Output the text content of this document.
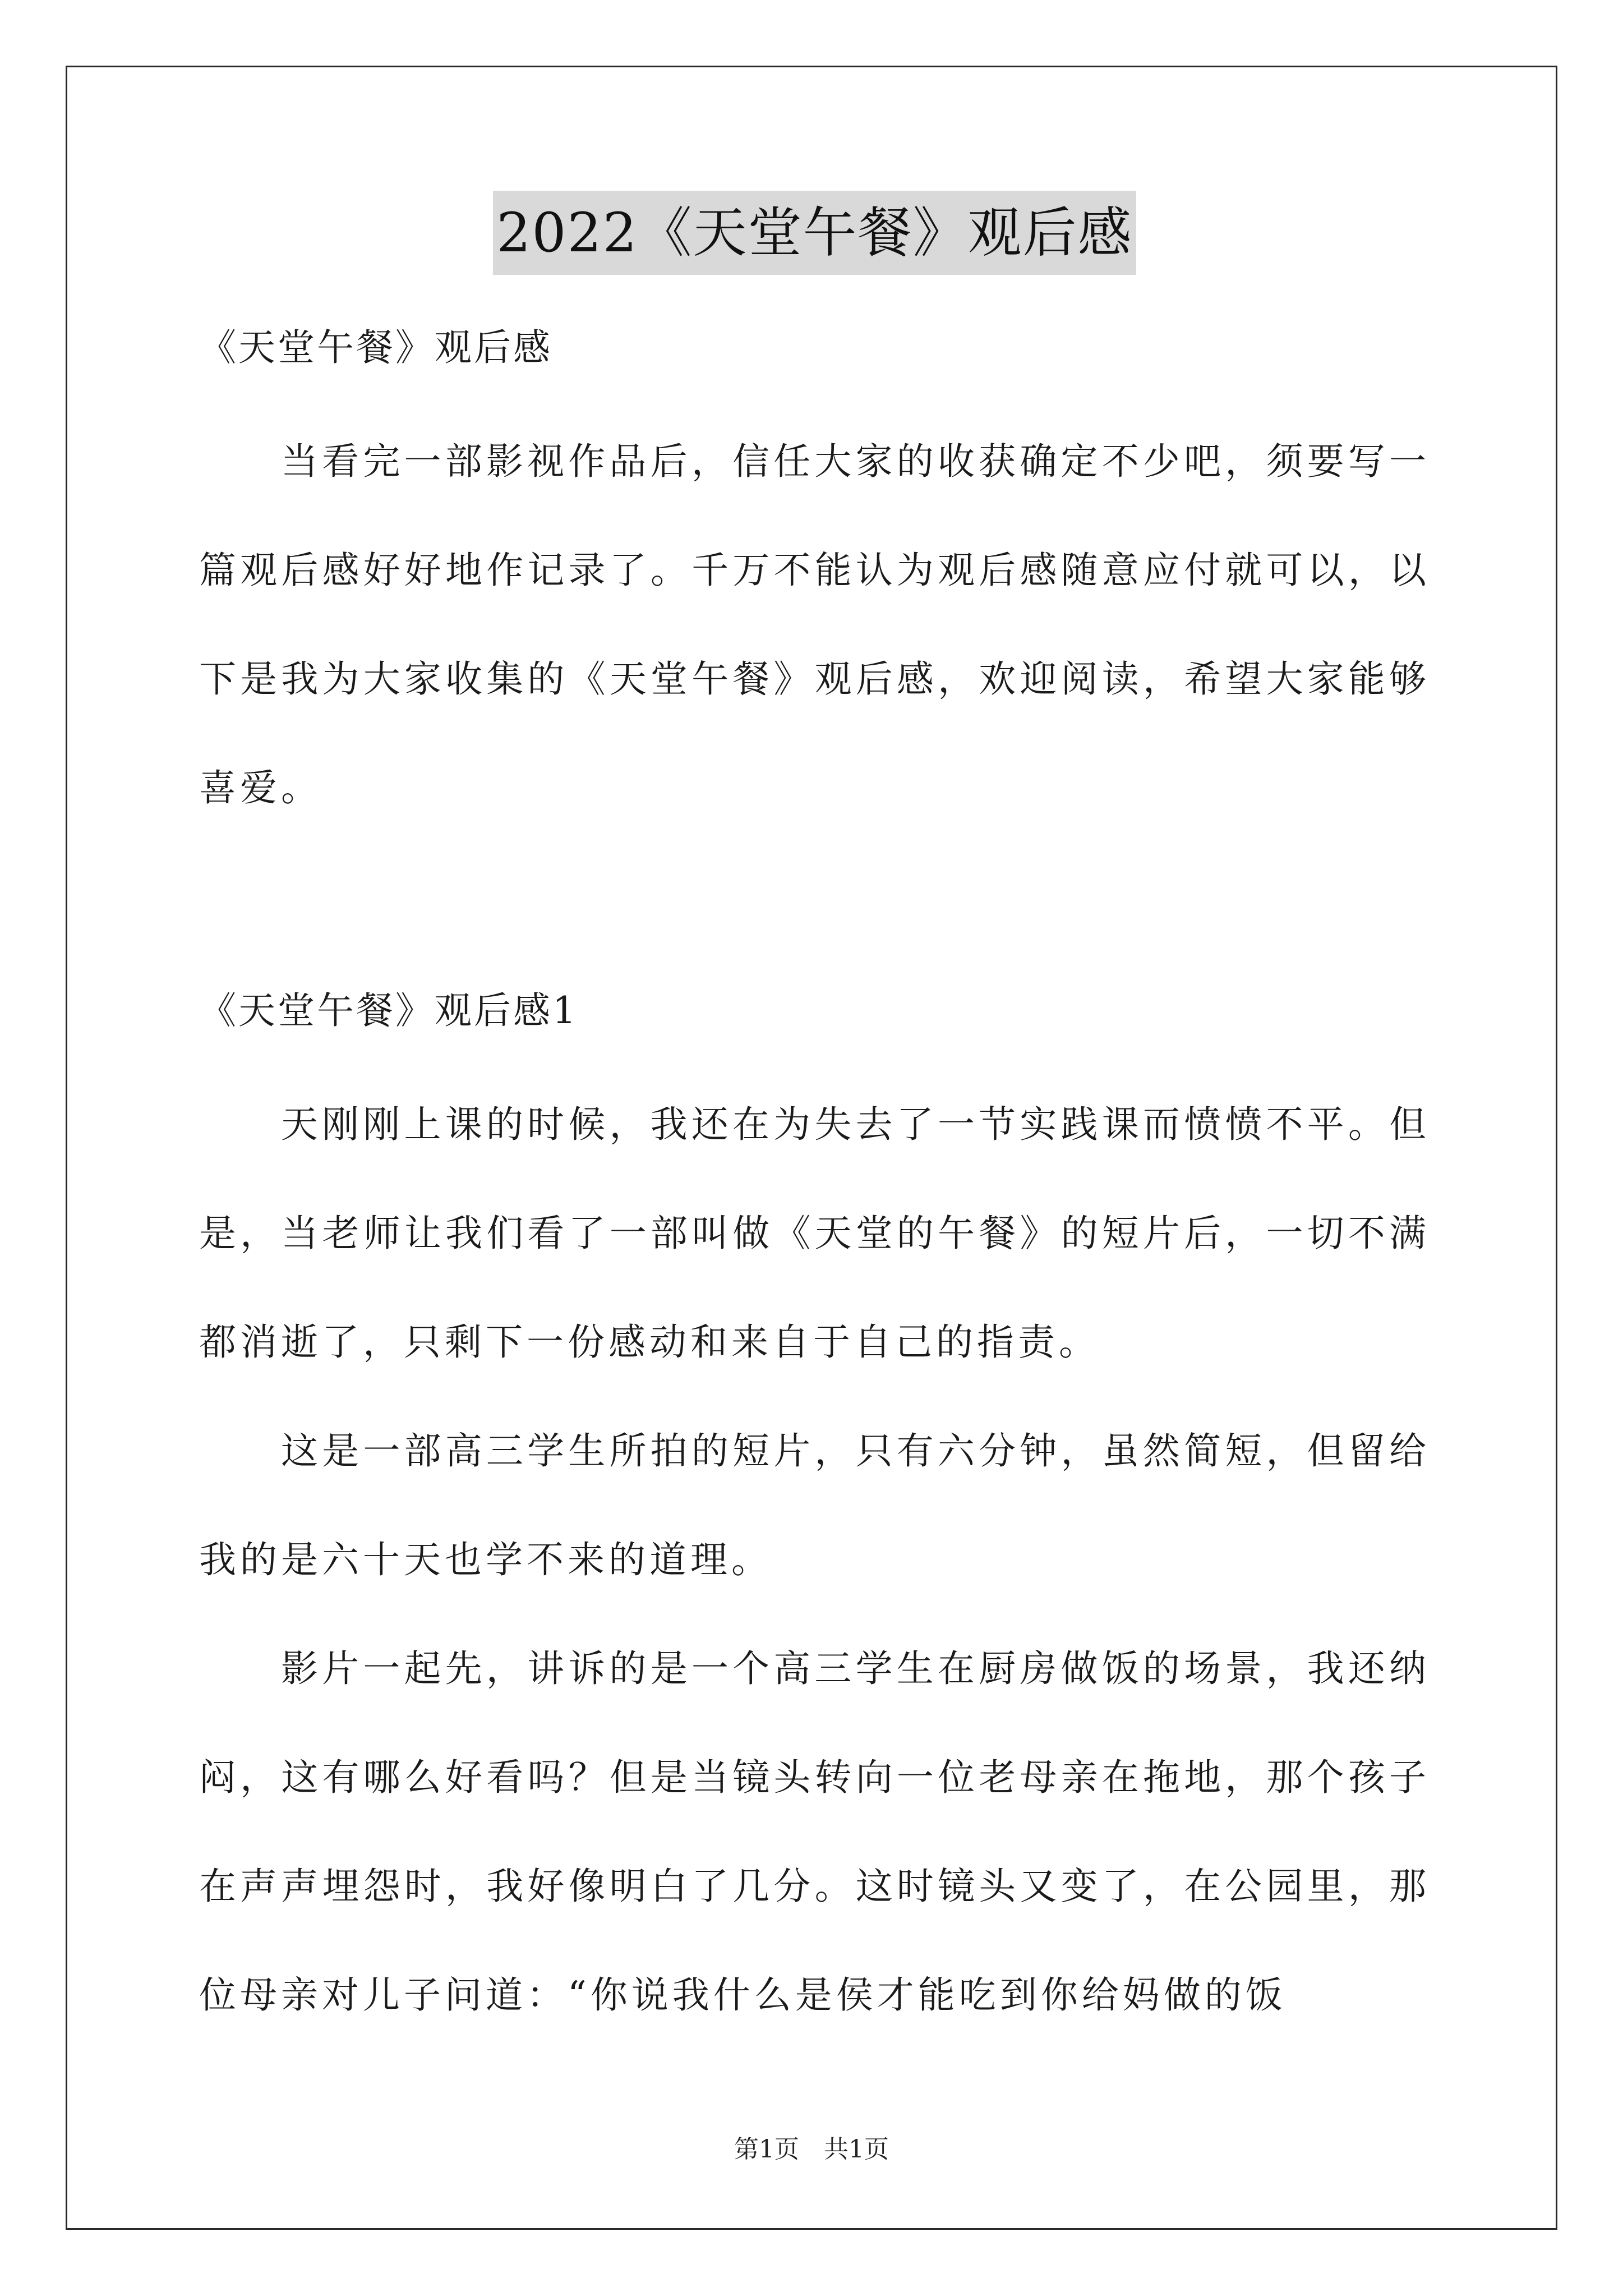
2022《天堂午餐》观后感

《天堂午餐》观后感

当看完一部影视作品后，信任大家的收获确定不少吧，须要写一篇观后感好好地作记录了。千万不能认为观后感随意应付就可以，以下是我为大家收集的《天堂午餐》观后感，欢迎阅读，希望大家能够喜爱。

《天堂午餐》观后感1

天刚刚上课的时候，我还在为失去了一节实践课而愤愤不平。但是，当老师让我们看了一部叫做《天堂的午餐》的短片后，一切不满都消逝了，只剩下一份感动和来自于自己的指责。

这是一部高三学生所拍的短片，只有六分钟，虽然简短，但留给我的是六十天也学不来的道理。

影片一起先，讲诉的是一个高三学生在厨房做饭的场景，我还纳闷，这有哪么好看吗？但是当镜头转向一位老母亲在拖地，那个孩子在声声埋怨时，我好像明白了几分。这时镜头又变了，在公园里，那位母亲对儿子问道：“你说我什么是侯才能吃到你给妈做的饭

第1页 共1页
